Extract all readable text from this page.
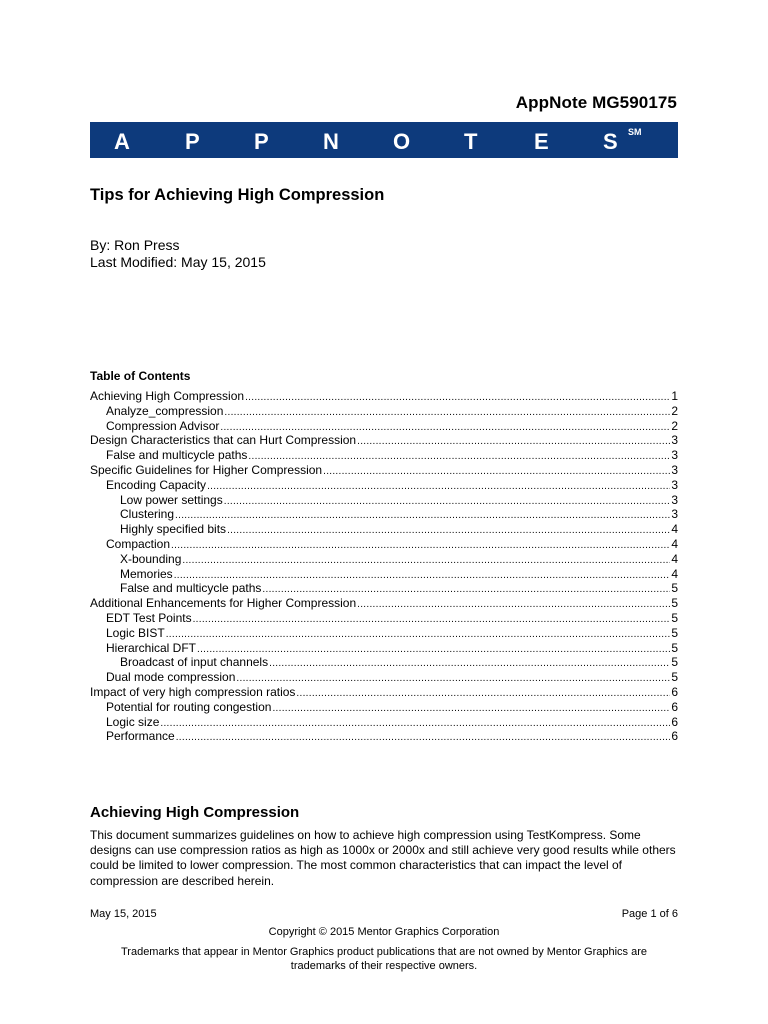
AppNote MG590175
A	P P N O T	E S SM
Tips for Achieving High Compression
By: Ron Press
Last Modified: May 15, 2015
Table of Contents
Achieving High Compression .....	1
Analyze_compression .....	2
Compression Advisor .....	2
Design Characteristics that can Hurt Compression .....	3
False and multicycle paths .....	3
Specific Guidelines for Higher Compression .....	3
Encoding Capacity .....	3
Low power settings .....	3
Clustering .....	3
Highly specified bits .....	4
Compaction .....	4
X-bounding .....	4
Memories .....	4
False and multicycle paths .....	5
Additional Enhancements for Higher Compression .....	5
EDT Test Points .....	5
Logic BIST .....	5
Hierarchical DFT .....	5
Broadcast of input channels .....	5
Dual mode compression .....	5
Impact of very high compression ratios .....	6
Potential for routing congestion .....	6
Logic size .....	6
Performance .....	6
Achieving High Compression
This document summarizes guidelines on how to achieve high compression using TestKompress. Some designs can use compression ratios as high as 1000x or 2000x and still achieve very good results while others could be limited to lower compression. The most common characteristics that can impact the level of compression are described herein.
May 15, 2015	Page 1 of 6
Copyright © 2015 Mentor Graphics Corporation
Trademarks that appear in Mentor Graphics product publications that are not owned by Mentor Graphics are trademarks of their respective owners.
